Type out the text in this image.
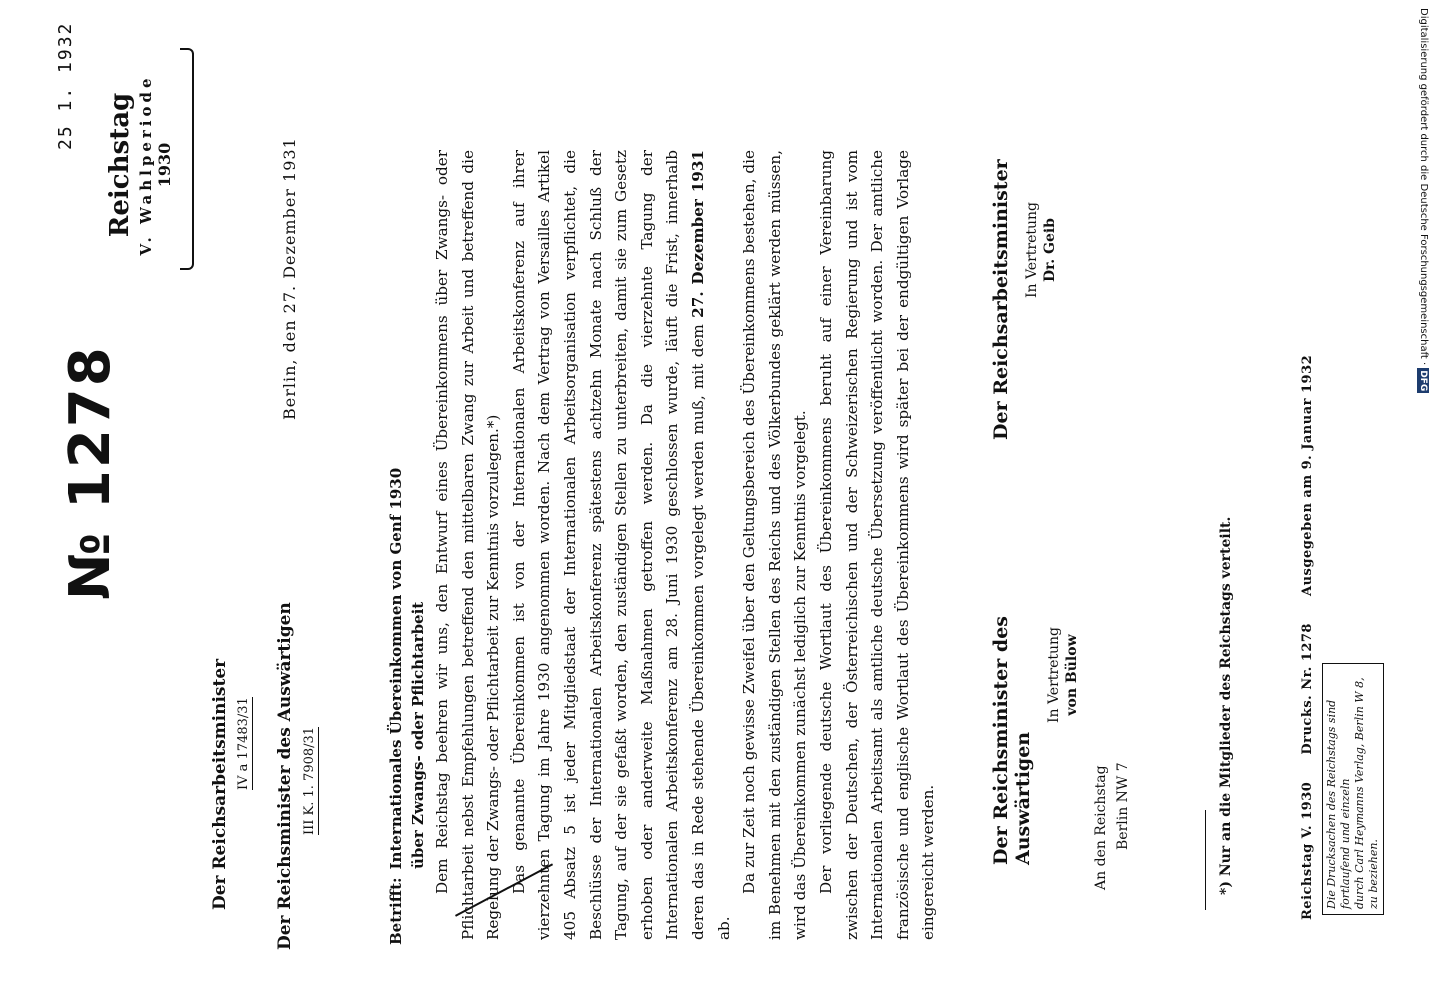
25 1. 1932
Reichstag V. Wahlperiode 1930
№ 1278
Der Reichsarbeitsminister IV a 17483/31 Der Reichsminister des Auswärtigen III K. 1. 7908/31
Berlin, den 27. Dezember 1931
Betrifft:Internationales Übereinkommen von Genf 1930 über Zwangs- oder Pflichtarbeit Dem Reichstag beehren wir uns, den Entwurf eines Übereinkommens über Zwangs- oder Pflichtarbeit nebst Empfehlungen betreffend den mittelbaren Zwang zur Arbeit und betreffend die Regelung der Zwangs- oder Pflichtarbeit zur Kenntnis vorzulegen.*) Das genannte Übereinkommen ist von der Internationalen Arbeitskonferenz auf ihrer vierzehnten Tagung im Jahre 1930 angenommen worden. Nach dem Vertrag von Versailles Artikel 405 Absatz 5 ist jeder Mitgliedstaat der Internationalen Arbeitsorganisation verpflichtet, die Beschlüsse der Internationalen Arbeitskonferenz spätestens achtzehn Monate nach Schluß der Tagung, auf der sie gefaßt worden, den zuständigen Stellen zu unterbreiten, damit sie zum Gesetz erhoben oder anderweite Maßnahmen getroffen werden. Da die vierzehnte Tagung der Internationalen Arbeitskonferenz am 28. Juni 1930 geschlossen wurde, läuft die Frist, innerhalb deren das in Rede stehende Übereinkommen vorgelegt werden muß, mit dem 27. Dezember 1931 ab.

Da zur Zeit noch gewisse Zweifel über den Geltungsbereich des Übereinkommens bestehen, die im Benehmen mit den zuständigen Stellen des Reichs und des Völkerbundes geklärt werden müssen, wird das Übereinkommen zunächst lediglich zur Kenntnis vorgelegt. Der vorliegende deutsche Wortlaut des Übereinkommens beruht auf einer Vereinbarung zwischen der Deutschen, der Österreichischen und der Schweizerischen Regierung und ist vom Internationalen Arbeitsamt als amtliche deutsche Übersetzung veröffentlicht worden. Der amtliche französische und englische Wortlaut des Übereinkommens wird später bei der endgültigen Vorlage eingereicht werden.	Der Reichsminister des Auswärtigen
In Vertretung von Bülow
Der Reichsarbeitsminister In Vertretung Dr. Geib
An den Reichstag Berlin NW 7	*) Nur an die Mitglieder des Reichstags verteilt.	Reichstag V. 1930 Drucks. Nr. 1278 Ausgegeben am 9. Januar 1932
Die Drucksachen des Reichstags sind fortlaufend und einzeln durch Carl Heymanns Verlag, Berlin W 8, zu beziehen.
DFGDigitalisierung gefördert durch die Deutsche Forschungsgemeinschaft ·
